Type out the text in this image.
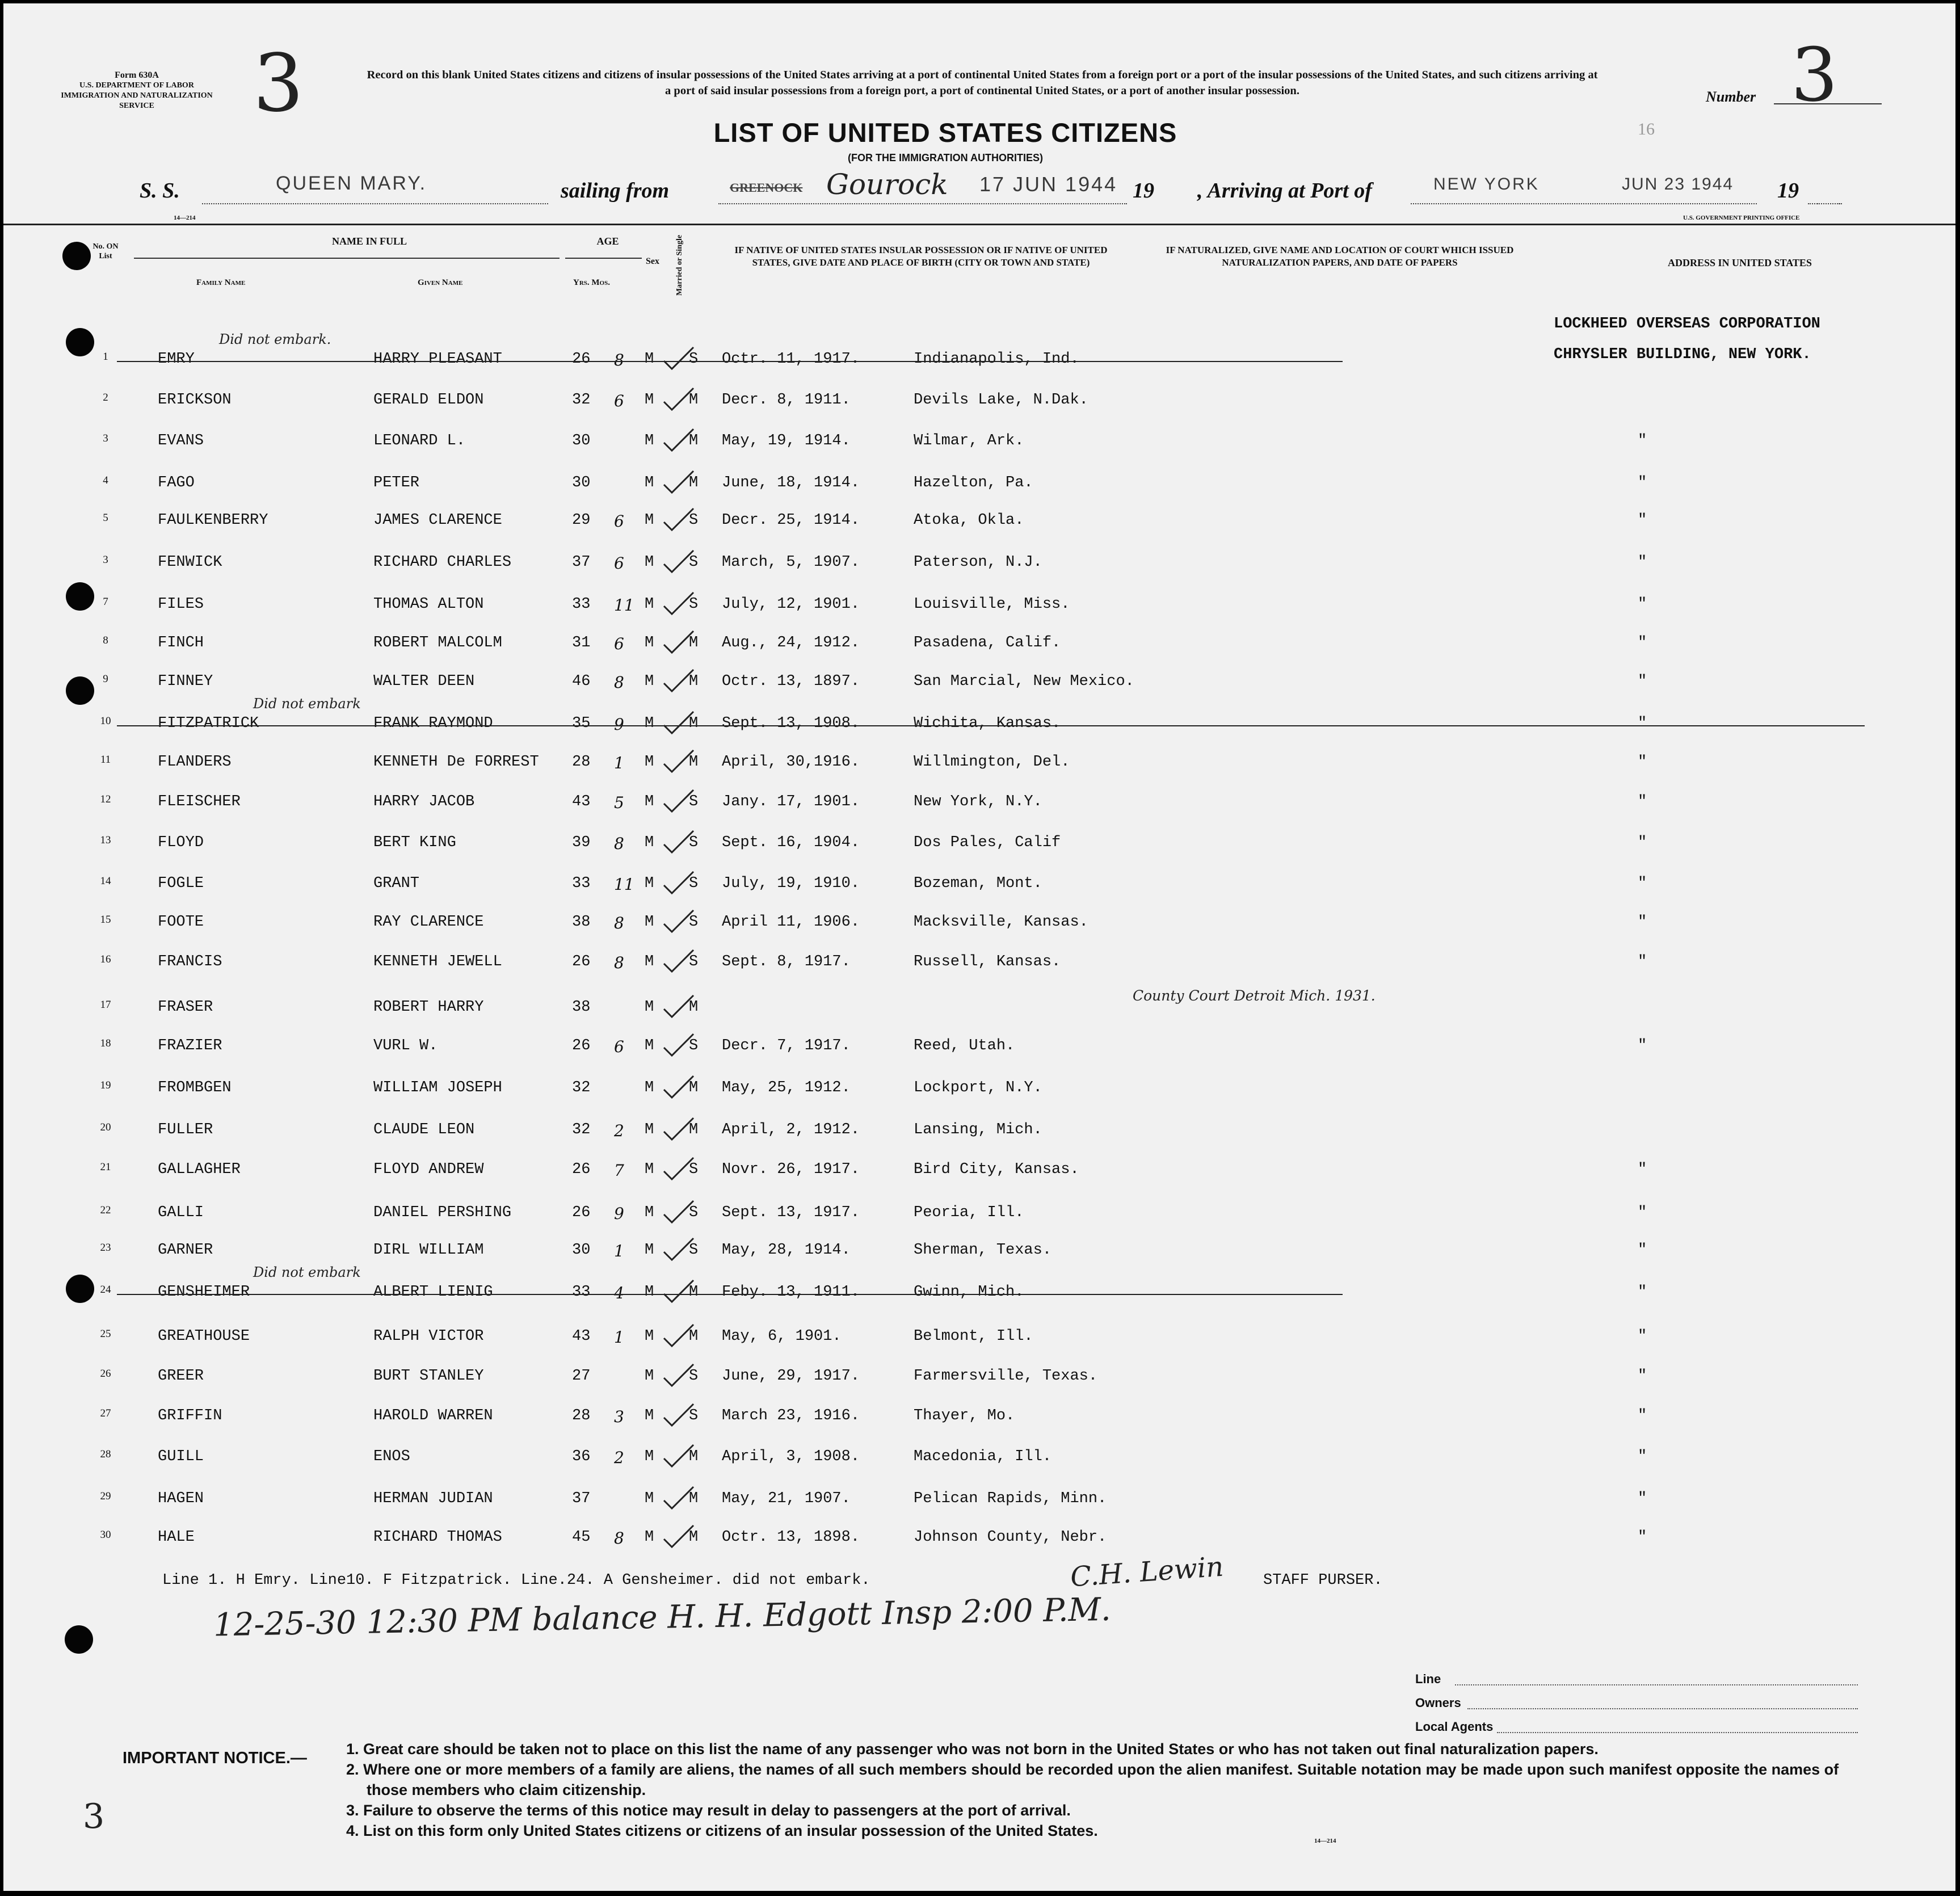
Form 630A
U.S. DEPARTMENT OF LABOR
IMMIGRATION AND NATURALIZATION SERVICE	3	Record on this blank United States citizens and citizens of insular possessions of the United States arriving at a port of continental United States from a foreign port or a port of the insular possessions of the United States, and such citizens arriving at a port of said insular possessions from a foreign port, a port of continental United States, or a port of another insular possession.
LIST OF UNITED STATES CITIZENS
(FOR THE IMMIGRATION AUTHORITIES)
Number 3
16
S. S.	QUEEN MARY.	sailing from	GREENOCK Gourock 17 JUN 1944 19 , Arriving at Port of	NEW YORK	JUN 23 1944 19
14—214	U.S. GOVERNMENT PRINTING OFFICE
No. ON List
NAME IN FULL
Family Name	Given Name
AGE
Yrs. Mos.
Sex Married or Single	IF NATIVE OF UNITED STATES INSULAR POSSESSION OR IF NATIVE OF UNITED STATES, GIVE DATE AND PLACE OF BIRTH (CITY OR TOWN AND STATE)
IF NATURALIZED, GIVE NAME AND LOCATION OF COURT WHICH ISSUED NATURALIZATION PAPERS, AND DATE OF PAPERS	ADDRESS IN UNITED STATES
LOCKHEED OVERSEAS CORPORATION
CHRYSLER BUILDING, NEW YORK.
Line 1. H Emry. Line10. F Fitzpatrick. Line.24. A Gensheimer. did not embark.	C.H. Lewin	STAFF PURSER.
12-25-30 12:30 PM balance H. H. Edgott Insp 2:00 P.M.
Line
Owners
Local Agents
IMPORTANT NOTICE.—	1. Great care should be taken not to place on this list the name of any passenger who was not born in the United States or who has not taken out final naturalization papers.
2. Where one or more members of a family are aliens, the names of all such members should be recorded upon the alien manifest. Suitable notation may be made upon such manifest opposite the names of those members who claim citizenship.
3. Failure to observe the terms of this notice may result in delay to passengers at the port of arrival.
4. List on this form only United States citizens or citizens of an insular possession of the United States.
3
14—214
1	EMRY	HARRY PLEASANT	26 8 M S Octr. 11, 1917.	Indianapolis, Ind.
Did not embark.
2	ERICKSON	GERALD ELDON	32 6 M M Decr. 8, 1911.	Devils Lake, N.Dak.
3	EVANS	LEONARD L.	30	M M May, 19, 1914.	Wilmar, Ark.	"
4	FAGO	PETER	30	M M June, 18, 1914.	Hazelton, Pa.	"
5	FAULKENBERRY	JAMES CLARENCE	29 6 M S Decr. 25, 1914.	Atoka, Okla.	"
3	FENWICK	RICHARD CHARLES	37 6 M S March, 5, 1907.	Paterson, N.J.	"
7	FILES	THOMAS ALTON	33 11 M S July, 12, 1901.	Louisville, Miss.	"
8	FINCH	ROBERT MALCOLM	31 6 M M Aug., 24, 1912.	Pasadena, Calif.	"
9	FINNEY	WALTER DEEN	46 8 M M Octr. 13, 1897.	San Marcial, New Mexico.	"
10	FITZPATRICK	FRANK RAYMOND	35 9 M M Sept. 13, 1908.	Wichita, Kansas.	"
Did not embark
11	FLANDERS	KENNETH De FORREST 28 1 M M April, 30,1916.	Willmington, Del.	"
12	FLEISCHER	HARRY JACOB	43 5 M S Jany. 17, 1901.	New York, N.Y.	"
13	FLOYD	BERT KING	39 8 M S Sept. 16, 1904.	Dos Pales, Calif	"
14	FOGLE	GRANT	33 11 M S July, 19, 1910.	Bozeman, Mont.	"
15	FOOTE	RAY CLARENCE	38 8 M S April 11, 1906.	Macksville, Kansas.	"
16	FRANCIS	KENNETH JEWELL	26 8 M S Sept. 8, 1917.	Russell, Kansas.	"
17	FRASER	ROBERT HARRY	38	M M
County Court Detroit Mich. 1931.
18	FRAZIER	VURL W.	26 6 M S Decr. 7, 1917.	Reed, Utah.	"
19	FROMBGEN	WILLIAM JOSEPH	32	M M May, 25, 1912.	Lockport, N.Y.
20	FULLER	CLAUDE LEON	32 2 M M April, 2, 1912.	Lansing, Mich.
21	GALLAGHER	FLOYD ANDREW	26 7 M S Novr. 26, 1917.	Bird City, Kansas.	"
22	GALLI	DANIEL PERSHING	26 9 M S Sept. 13, 1917.	Peoria, Ill.	"
23	GARNER	DIRL WILLIAM	30 1 M S May, 28, 1914.	Sherman, Texas.	"
24	GENSHEIMER	ALBERT LIENIG	33 4 M M Feby. 13, 1911.	Gwinn, Mich.	"
Did not embark
25	GREATHOUSE	RALPH VICTOR	43 1 M M May, 6, 1901.	Belmont, Ill.	"
26	GREER	BURT STANLEY	27	M S June, 29, 1917.	Farmersville, Texas.	"
27	GRIFFIN	HAROLD WARREN	28 3 M S March 23, 1916.	Thayer, Mo.	"
28	GUILL	ENOS	36 2 M M April, 3, 1908.	Macedonia, Ill.	"
29	HAGEN	HERMAN JUDIAN	37	M M May, 21, 1907.	Pelican Rapids, Minn.	"
30	HALE	RICHARD THOMAS	45 8 M M Octr. 13, 1898.	Johnson County, Nebr.	"
